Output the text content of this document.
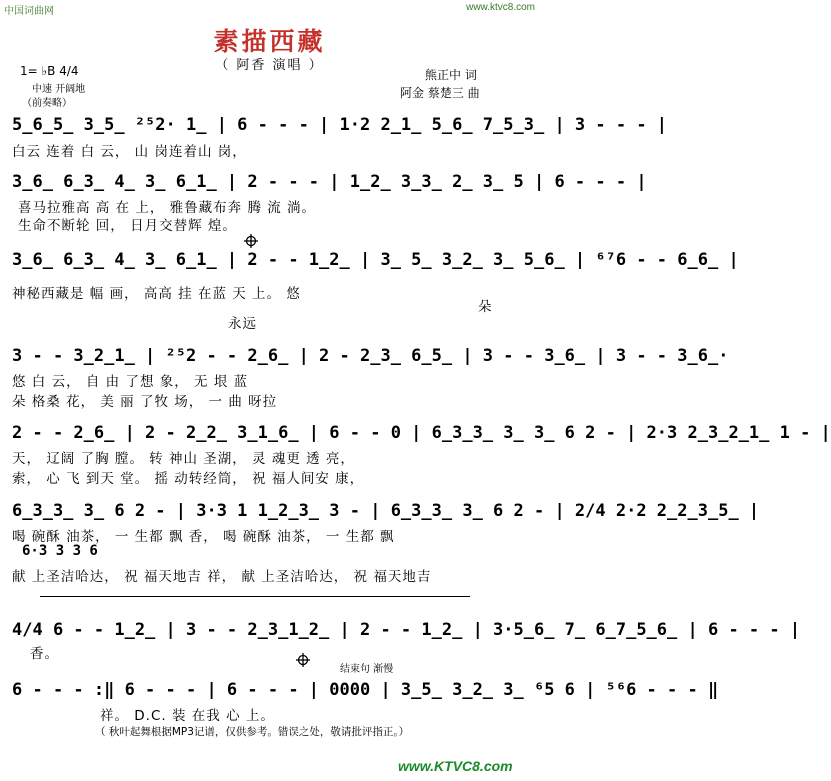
中国词曲网	www.ktvc8.com
素描西藏
（ 阿香 演唱 ）
1= ♭B 4/4
中速 开阔地
（前奏略）
熊正中 词
阿金 蔡楚三 曲
5̲6̲5̲ 3̲5̲ ²⁵2· 1̲ | 6 - - - | 1·2 2̲1̲ 5̲6̲ 7̲5̲3̲ | 3 - - - |
白云 连着 白 云， 山 岗连着山 岗，
3̲6̲ 6̲3̲ 4̲ 3̲ 6̲1̲ | 2 - - - | 1̲2̲ 3̲3̲ 2̲ 3̲ 5 | 6 - - - |
喜马拉雅高 高 在 上， 雅鲁藏布奔 腾 流 淌。
生命不断轮 回， 日月交替辉 煌。
3̲6̲ 6̲3̲ 4̲ 3̲ 6̲1̲ | 2 - - 1̲2̲ | 3̲ 5̲ 3̲2̲ 3̲ 5̲6̲ | ⁶⁷6 - - 6̲6̲ |
神秘西藏是 幅 画， 高高 挂 在蓝 天 上。 悠
永远
朵
3 - - 3̲2̲1̲ | ²⁵2 - - 2̲6̲ | 2 - 2̲3̲ 6̲5̲ | 3 - - 3̲6̲ | 3 - - 3̲6̲·
悠 白 云， 自 由 了想 象， 无 垠 蓝
朵 格桑 花， 美 丽 了牧 场， 一 曲 呀拉
2 - - 2̲6̲ | 2 - 2̲2̲ 3̲1̲6̲ | 6 - - 0 | 6̲3̲3̲ 3̲ 3̲ 6 2 - | 2·3 2̲3̲2̲1̲ 1 - |
天， 辽阔 了胸 膛。 转 神山 圣湖， 灵 魂更 透 亮，
索， 心 飞 到天 堂。 摇 动转经筒， 祝 福人间安 康，
6̲3̲3̲ 3̲ 6 2 - | 3·3 1 1̲2̲3̲ 3 - | 6̲3̲3̲ 3̲ 6 2 - | 2/4 2·2 2̲2̲3̲5̲ |
喝 碗酥 油茶， 一 生都 飘 香， 喝 碗酥 油茶， 一 生都 飘
6·3 3 3 6
献 上圣洁哈达， 祝 福天地吉 祥， 献 上圣洁哈达， 祝 福天地吉
4/4 6 - - 1̲2̲ | 3 - - 2̲3̲1̲2̲ | 2 - - 1̲2̲ | 3·5̲6̲ 7̲ 6̲7̲5̲6̲ | 6 - - - |
香。
结束句 渐慢
6 - - - :‖ 6 - - - | 6 - - - | 0000 | 3̲5̲ 3̲2̲ 3̲ ⁶5 6 | ⁵⁶6 - - - ‖
祥。 D.C. 装 在我 心 上。
（ 秋叶起舞根据MP3记谱，仅供参考。错误之处，敬请批评指正。）
www.KTVC8.com
